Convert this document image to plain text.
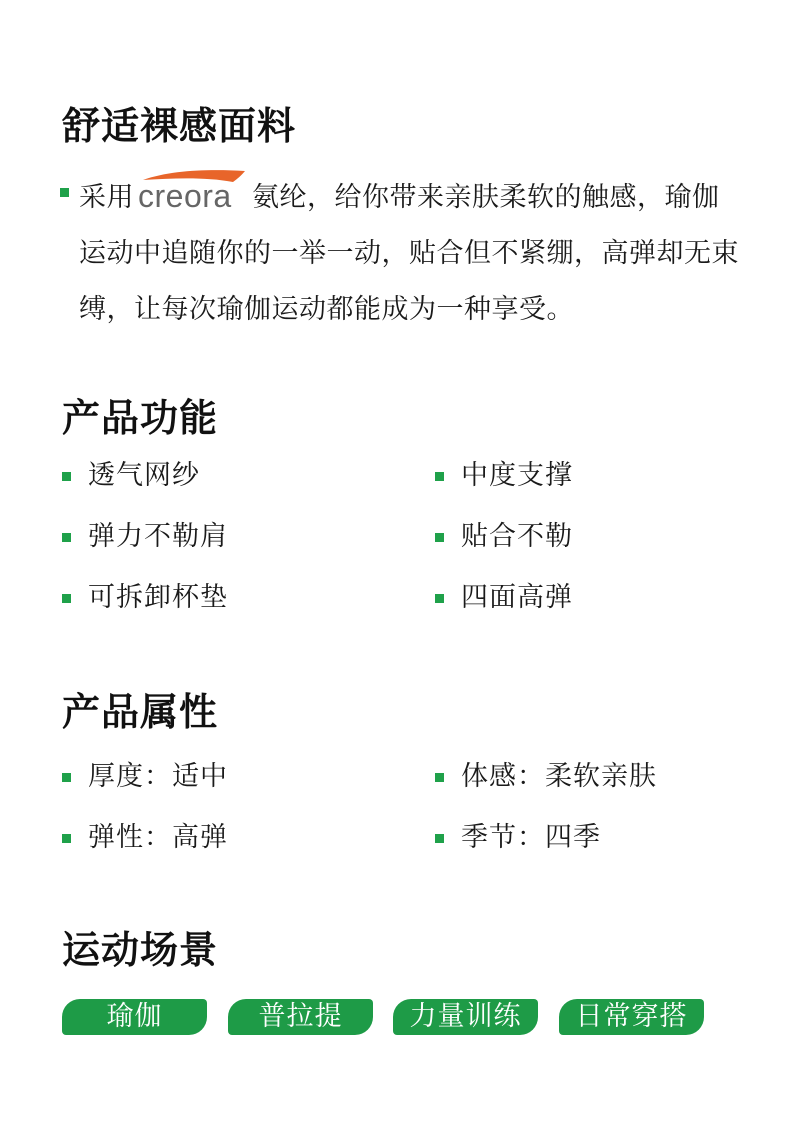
舒适裸感面料

采用 creora 氨纶，给你带来亲肤柔软的触感，瑜伽运动中追随你的一举一动，贴合但不紧绷，高弹却无束缚，让每次瑜伽运动都能成为一种享受。

产品功能
透气网纱	中度支撑
弹力不勒肩	贴合不勒
可拆卸杯垫	四面高弹
产品属性
厚度：适中	体感：柔软亲肤
弹性：高弹	季节：四季
运动场景
瑜伽	普拉提	力量训练	日常穿搭
